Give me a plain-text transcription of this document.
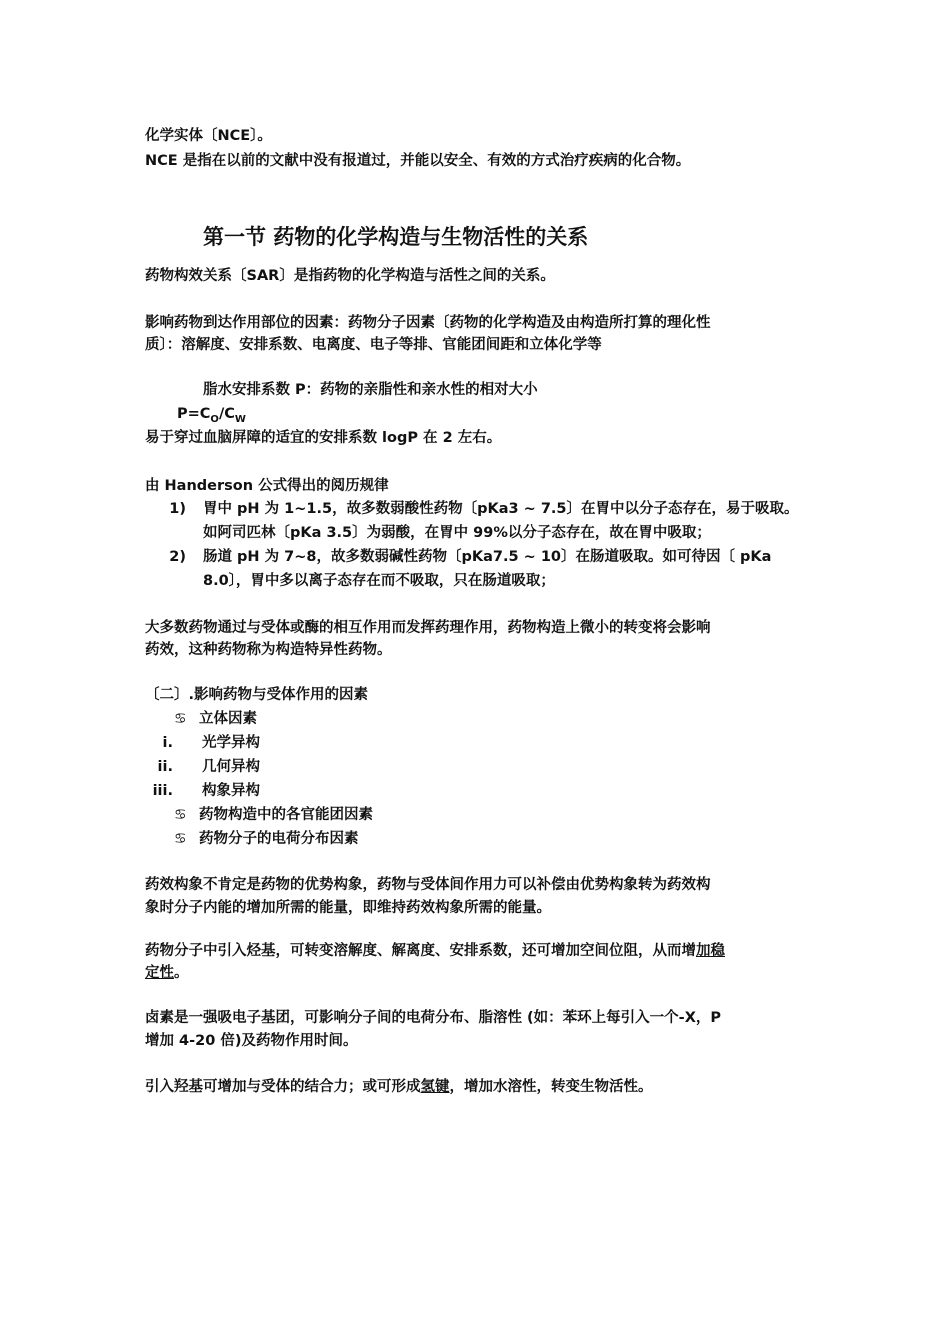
化学实体〔NCE〕。
NCE 是指在以前的文献中没有报道过，并能以安全、有效的方式治疗疾病的化合物。
第一节 药物的化学构造与生物活性的关系
药物构效关系〔SAR〕是指药物的化学构造与活性之间的关系。
影响药物到达作用部位的因素：药物分子因素〔药物的化学构造及由构造所打算的理化性
质〕：溶解度、安排系数、电离度、电子等排、官能团间距和立体化学等
脂水安排系数 P：药物的亲脂性和亲水性的相对大小
$P=C_O/C_W$
易于穿过血脑屏障的适宜的安排系数 logP 在 2 左右。
由 Handerson 公式得出的阅历规律
1) 胃中 pH 为 1~1.5，故多数弱酸性药物〔pKa3 ~ 7.5〕在胃中以分子态存在，易于吸取。
如阿司匹林〔pKa 3.5〕为弱酸，在胃中 99%以分子态存在，故在胃中吸取；
2) 肠道 pH 为 7~8，故多数弱碱性药物〔pKa7.5 ~ 10〕在肠道吸取。如可待因〔 pKa
8.0〕，胃中多以离子态存在而不吸取，只在肠道吸取；
大多数药物通过与受体或酶的相互作用而发挥药理作用，药物构造上微小的转变将会影响
药效，这种药物称为构造特异性药物。
〔二〕.影响药物与受体作用的因素
♋ 立体因素
i. 光学异构
ii. 几何异构
iii. 构象异构
♋ 药物构造中的各官能团因素
♋ 药物分子的电荷分布因素
药效构象不肯定是药物的优势构象，药物与受体间作用力可以补偿由优势构象转为药效构
象时分子内能的增加所需的能量，即维持药效构象所需的能量。
药物分子中引入烃基，可转变溶解度、解离度、安排系数，还可增加空间位阻，从而增加稳
定性。
卤素是一强吸电子基团，可影响分子间的电荷分布、脂溶性 (如：苯环上每引入一个-X，P
增加 4-20 倍)及药物作用时间。
引入羟基可增加与受体的结合力；或可形成氢键，增加水溶性，转变生物活性。
